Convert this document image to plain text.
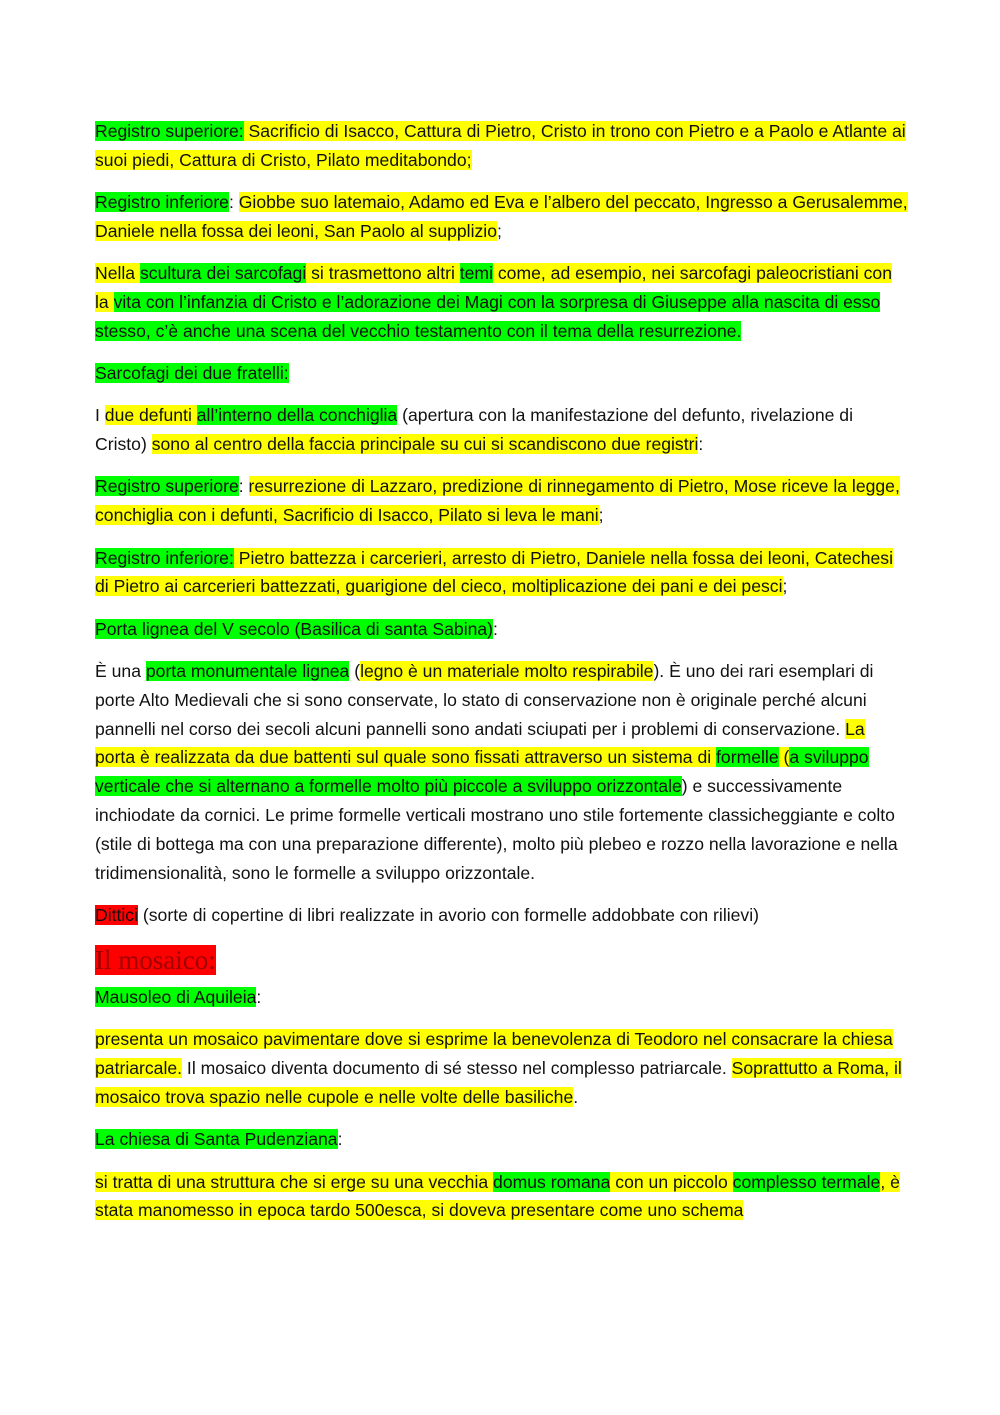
Registro superiore: Sacrificio di Isacco, Cattura di Pietro, Cristo in trono con Pietro e a Paolo e Atlante ai suoi piedi, Cattura di Cristo, Pilato meditabondo;

Registro inferiore: Giobbe suo latemaio, Adamo ed Eva e l’albero del peccato, Ingresso a Gerusalemme, Daniele nella fossa dei leoni, San Paolo al supplizio;

Nella scultura dei sarcofagi si trasmettono altri temi come, ad esempio, nei sarcofagi paleocristiani con la vita con l’infanzia di Cristo e l’adorazione dei Magi con la sorpresa di Giuseppe alla nascita di esso stesso, c’è anche una scena del vecchio testamento con il tema della resurrezione.

Sarcofagi dei due fratelli:

I due defunti all’interno della conchiglia (apertura con la manifestazione del defunto, rivelazione di Cristo) sono al centro della faccia principale su cui si scandiscono due registri:

Registro superiore: resurrezione di Lazzaro, predizione di rinnegamento di Pietro, Mose riceve la legge, conchiglia con i defunti, Sacrificio di Isacco, Pilato si leva le mani;

Registro inferiore: Pietro battezza i carcerieri, arresto di Pietro, Daniele nella fossa dei leoni, Catechesi di Pietro ai carcerieri battezzati, guarigione del cieco, moltiplicazione dei pani e dei pesci;

Porta lignea del V secolo (Basilica di santa Sabina):

È una porta monumentale lignea (legno è un materiale molto respirabile). È uno dei rari esemplari di porte Alto Medievali che si sono conservate, lo stato di conservazione non è originale perché alcuni pannelli nel corso dei secoli alcuni pannelli sono andati sciupati per i problemi di conservazione. La porta è realizzata da due battenti sul quale sono fissati attraverso un sistema di formelle (a sviluppo verticale che si alternano a formelle molto più piccole a sviluppo orizzontale) e successivamente inchiodate da cornici. Le prime formelle verticali mostrano uno stile fortemente classicheggiante e colto (stile di bottega ma con una preparazione differente), molto più plebeo e rozzo nella lavorazione e nella tridimensionalità, sono le formelle a sviluppo orizzontale.

Dittici (sorte di copertine di libri realizzate in avorio con formelle addobbate con rilievi)

Il mosaico:

Mausoleo di Aquileia:

presenta un mosaico pavimentare dove si esprime la benevolenza di Teodoro nel consacrare la chiesa patriarcale. Il mosaico diventa documento di sé stesso nel complesso patriarcale. Soprattutto a Roma, il mosaico trova spazio nelle cupole e nelle volte delle basiliche.

La chiesa di Santa Pudenziana:

si tratta di una struttura che si erge su una vecchia domus romana con un piccolo complesso termale, è stata manomesso in epoca tardo 500esca, si doveva presentare come uno schema
